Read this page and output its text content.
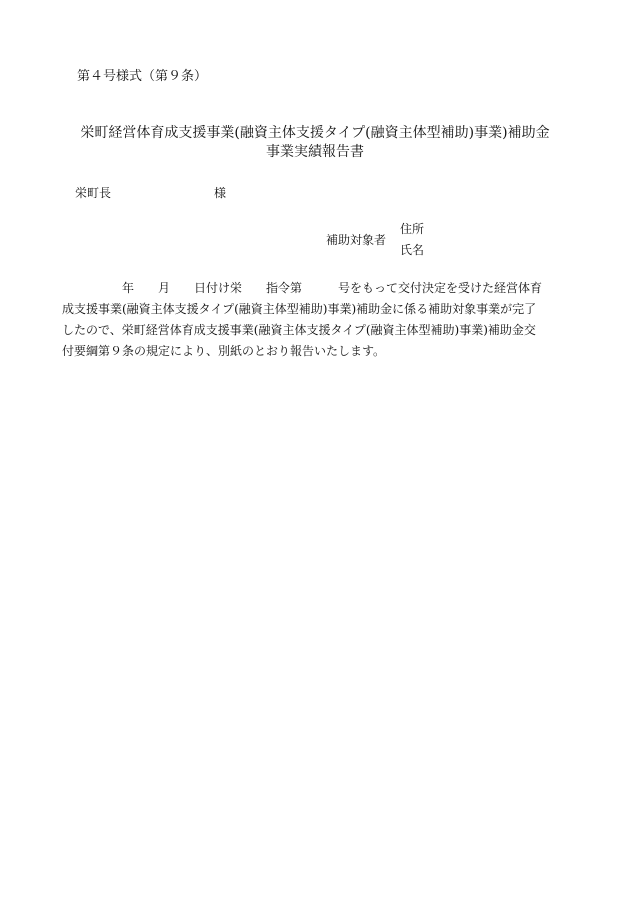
第４号様式（第９条）
栄町経営体育成支援事業(融資主体支援タイプ(融資主体型補助)事業)補助金
事業実績報告書
栄町長	様
補助対象者
住所
氏名
　　　　　年　　月　　日付け栄　　指令第　　　号をもって交付決定を受けた経営体育
成支援事業(融資主体支援タイプ(融資主体型補助)事業)補助金に係る補助対象事業が完了
したので、栄町経営体育成支援事業(融資主体支援タイプ(融資主体型補助)事業)補助金交
付要綱第９条の規定により、別紙のとおり報告いたします。
